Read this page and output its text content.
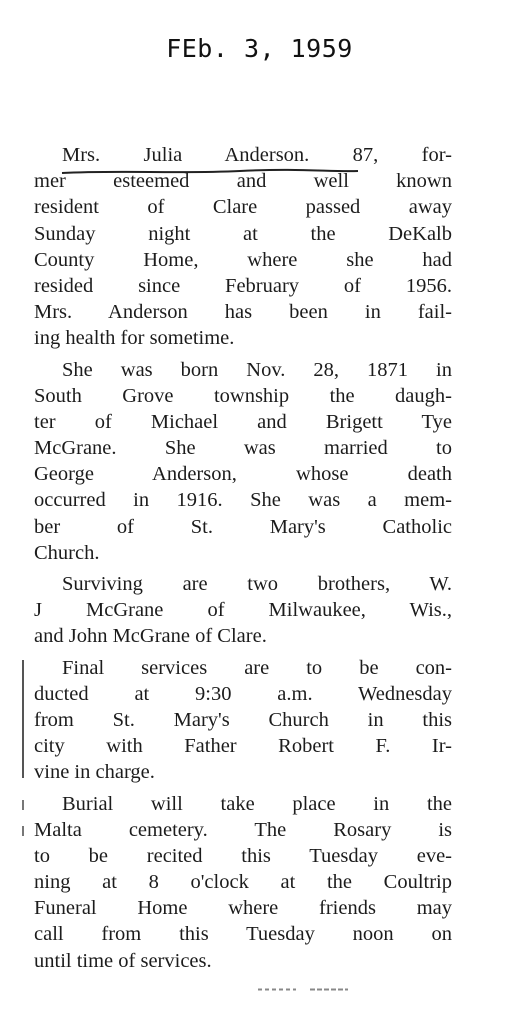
FEb. 3, 1959
Mrs. Julia Anderson. 87, for-
mer esteemed and well known
resident of Clare passed away
Sunday night at the DeKalb
County Home, where she had
resided since February of 1956.
Mrs. Anderson has been in fail-
ing health for sometime.
She was born Nov. 28, 1871 in
South Grove township the daugh-
ter of Michael and Brigett Tye
McGrane. She was married to
George Anderson, whose death
occurred in 1916. She was a mem-
ber of St. Mary's Catholic
Church.
Surviving are two brothers, W.
J McGrane of Milwaukee, Wis.,
and John McGrane of Clare.
Final services are to be con-
ducted at 9:30 a.m. Wednesday
from St. Mary's Church in this
city with Father Robert F. Ir-
vine in charge.
Burial will take place in the
Malta cemetery. The Rosary is
to be recited this Tuesday eve-
ning at 8 o'clock at the Coultrip
Funeral Home where friends may
call from this Tuesday noon on
until time of services.
